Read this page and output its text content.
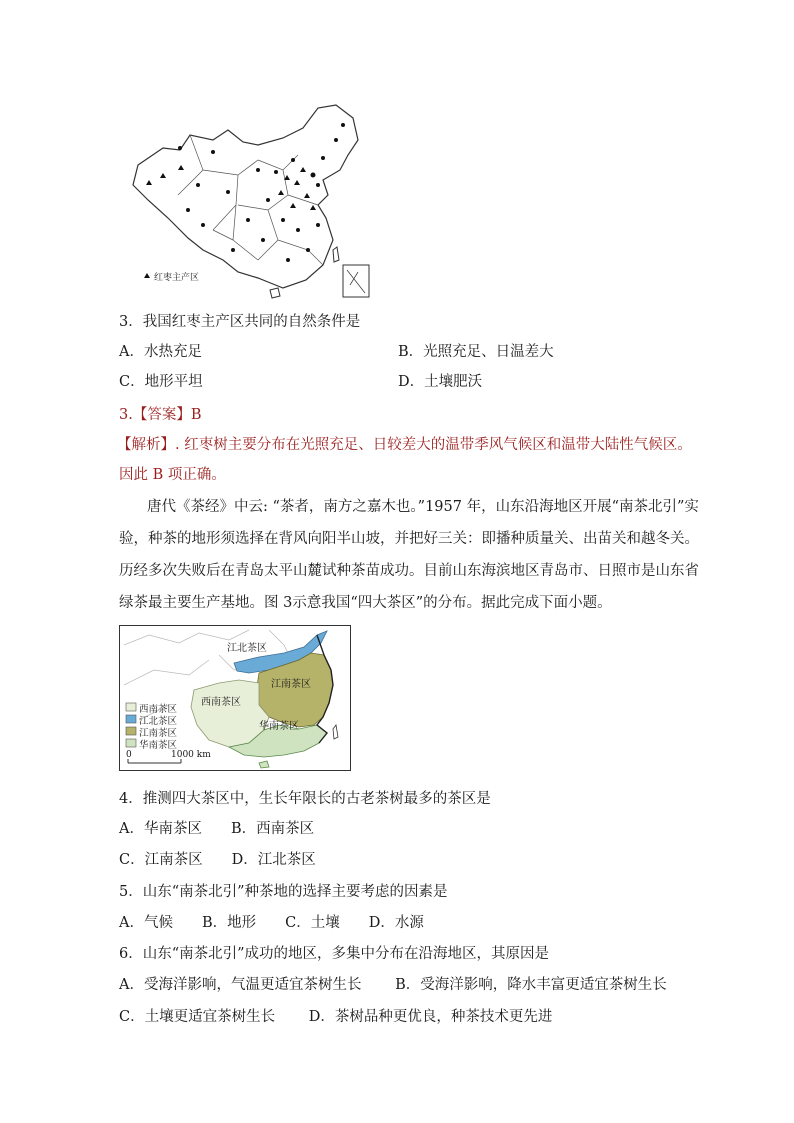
红枣主产区
3．我国红枣主产区共同的自然条件是
A．水热充足	B．光照充足、日温差大
C．地形平坦	D．土壤肥沃
3.【答案】B
【解析】. 红枣树主要分布在光照充足、日较差大的温带季风气候区和温带大陆性气候区。
因此 B 项正确。
唐代《茶经》中云: “茶者，南方之嘉木也。”1957 年，山东沿海地区开展“南茶北引”实
验，种茶的地形须选择在背风向阳半山坡，并把好三关：即播种质量关、出苗关和越冬关。
历经多次失败后在青岛太平山麓试种茶苗成功。目前山东海滨地区青岛市、日照市是山东省
绿茶最主要生产基地。图 3示意我国“四大茶区”的分布。据此完成下面小题。
江北茶区
江南茶区
西南茶区
华南茶区
西南茶区
江北茶区
江南茶区
华南茶区
0	1000 km
4．推测四大茶区中，生长年限长的古老茶树最多的茶区是
A．华南茶区　　B．西南茶区
C．江南茶区　　D．江北茶区
5．山东“南茶北引”种茶地的选择主要考虑的因素是
A．气候　　B．地形　　C．土壤　　D．水源
6．山东“南茶北引”成功的地区，多集中分布在沿海地区，其原因是
A．受海洋影响，气温更适宜茶树生长　　 B．受海洋影响，降水丰富更适宜茶树生长
C．土壤更适宜茶树生长　　 D．茶树品种更优良，种茶技术更先进
